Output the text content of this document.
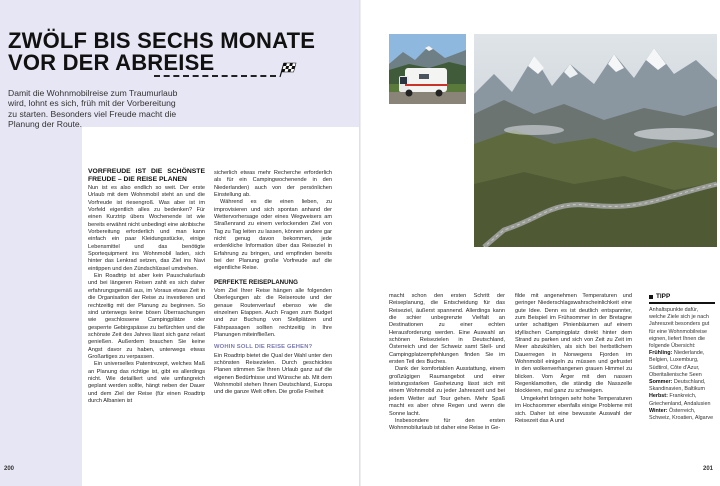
ZWÖLF BIS SECHS MONATE
VOR DER ABREISE
Damit die Wohnmobilreise zum Traumurlaub wird, lohnt es sich, früh mit der Vorbereitung zu starten. Besonders viel Freude macht die Planung der Route.
VORFREUDE IST DIE SCHÖNSTE FREUDE – DIE REISE PLANEN

Nun ist es also endlich so weit. Der erste Urlaub mit dem Wohnmobil steht an und die Vorfreude ist riesengroß. Was aber ist im Vorfeld eigentlich alles zu bedenken? Für einen Kurztrip übers Wochenende ist wie bereits erwähnt nicht unbedingt eine akribische Vorbereitung erforderlich und man kann einfach ein paar Kleidungsstücke, einige Lebensmittel und das benötigte Sportequipment ins Wohnmobil laden, sich hinter das Lenkrad setzen, das Ziel ins Navi eintippen und den Zündschlüssel umdrehen.

Ein Roadtrip ist aber kein Pauschalurlaub und bei längeren Reisen zahlt es sich daher erfahrungsgemäß aus, im Voraus etwas Zeit in die Organisation der Reise zu investieren und rechtzeitig mit der Planung zu beginnen. So sind unterwegs keine bösen Überraschungen wie geschlossene Campingplätze oder gesperrte Gebirgspässe zu befürchten und die schönste Zeit des Jahres lässt sich ganz relaxt genießen. Außerdem brauchen Sie keine Angst davor zu haben, unterwegs etwas Großartiges zu verpassen.

Ein universelles Patentrezept, welches Maß an Planung das richtige ist, gibt es allerdings nicht. Wie detailliert und wie umfangreich geplant werden sollte, hängt neben der Dauer und dem Ziel der Reise (für einen Roadtrip durch Albanien ist

sicherlich etwas mehr Recherche erforderlich als für ein Campingwochenende in den Niederlanden) auch von der persönlichen Einstellung ab.

Während es die einen lieben, zu improvisieren und sich spontan anhand der Wettervorhersage oder eines Wegweisers am Straßenrand zu einem verlockenden Ziel von Tag zu Tag leiten zu lassen, können andere gar nicht genug davon bekommen, jede erdenkliche Information über das Reiseziel in Erfahrung zu bringen, und empfinden bereits bei der Planung große Vorfreude auf die eigentliche Reise.

PERFEKTE REISEPLANUNG

Vom Ziel Ihrer Reise hängen alle folgenden Überlegungen ab: die Reiseroute und der genaue Routenverlauf ebenso wie die einzelnen Etappen. Auch Fragen zum Budget und zur Buchung von Stellplätzen und Fährpassagen sollten rechtzeitig in Ihre Planungen miteinfließen.

WOHIN SOLL DIE REISE GEHEN?

Ein Roadtrip bietet die Qual der Wahl unter den schönsten Reisezielen. Durch geschicktes Planen stimmen Sie Ihren Urlaub ganz auf die eigenen Bedürfnisse und Wünsche ab. Mit dem Wohnmobil stehen Ihnen Deutschland, Europa und die ganze Welt offen. Die große Freiheit

200

macht schon den ersten Schritt der Reiseplanung, die Entscheidung für das Reiseziel, äußerst spannend. Allerdings kann die schier unbegrenzte Vielfalt an Destinationen zu einer echten Herausforderung werden. Eine Auswahl an schönen Reisezielen in Deutschland, Österreich und der Schweiz samt Stell- und Campingplatzempfehlungen finden Sie im ersten Teil des Buches.

Dank der komfortablen Ausstattung, einem großzügigen Raumangebot und einer leistungsstarken Gasheizung lässt sich mit einem Wohnmobil zu jeder Jahreszeit und bei jedem Wetter auf Tour gehen. Mehr Spaß macht es aber ohne Regen und wenn die Sonne lacht.

Insbesondere für den ersten Wohnmobilurlaub ist daher eine Reise in Ge-

filde mit angenehmen Temperaturen und geringer Niederschlagswahrscheinlichkeit eine gute Idee. Denn es ist deutlich entspannter, zum Beispiel im Frühsommer in der Bretagne unter schattigen Pinienbäumen auf einem idyllischen Campingplatz direkt hinter dem Strand zu parken und sich von Zeit zu Zeit im Meer abzukühlen, als sich bei herbstlichem Dauerregen in Norwegens Fjorden im Wohnmobil einigeln zu müssen und gefrustet in den wolkenverhangenen grauen Himmel zu blicken. Vom Ärger mit den nassen Regenklamotten, die ständig die Nasszelle blockieren, mal ganz zu schweigen.

Umgekehrt bringen sehr hohe Temperaturen im Hochsommer ebenfalls einige Probleme mit sich. Daher ist eine bewusste Auswahl der Reisezeit das A und

TIPP
Anhaltspunkte dafür, welche Ziele sich je nach Jahreszeit besonders gut für eine Wohnmobilreise eignen, liefert Ihnen die folgende Übersicht:
Frühling: Niederlande, Belgien, Luxemburg, Südtirol, Côte d'Azur, Oberitalienische Seen
Sommer: Deutschland, Skandinavien, Baltikum
Herbst: Frankreich, Griechenland, Andalusien
Winter: Österreich, Schweiz, Kroatien, Algarve
201
